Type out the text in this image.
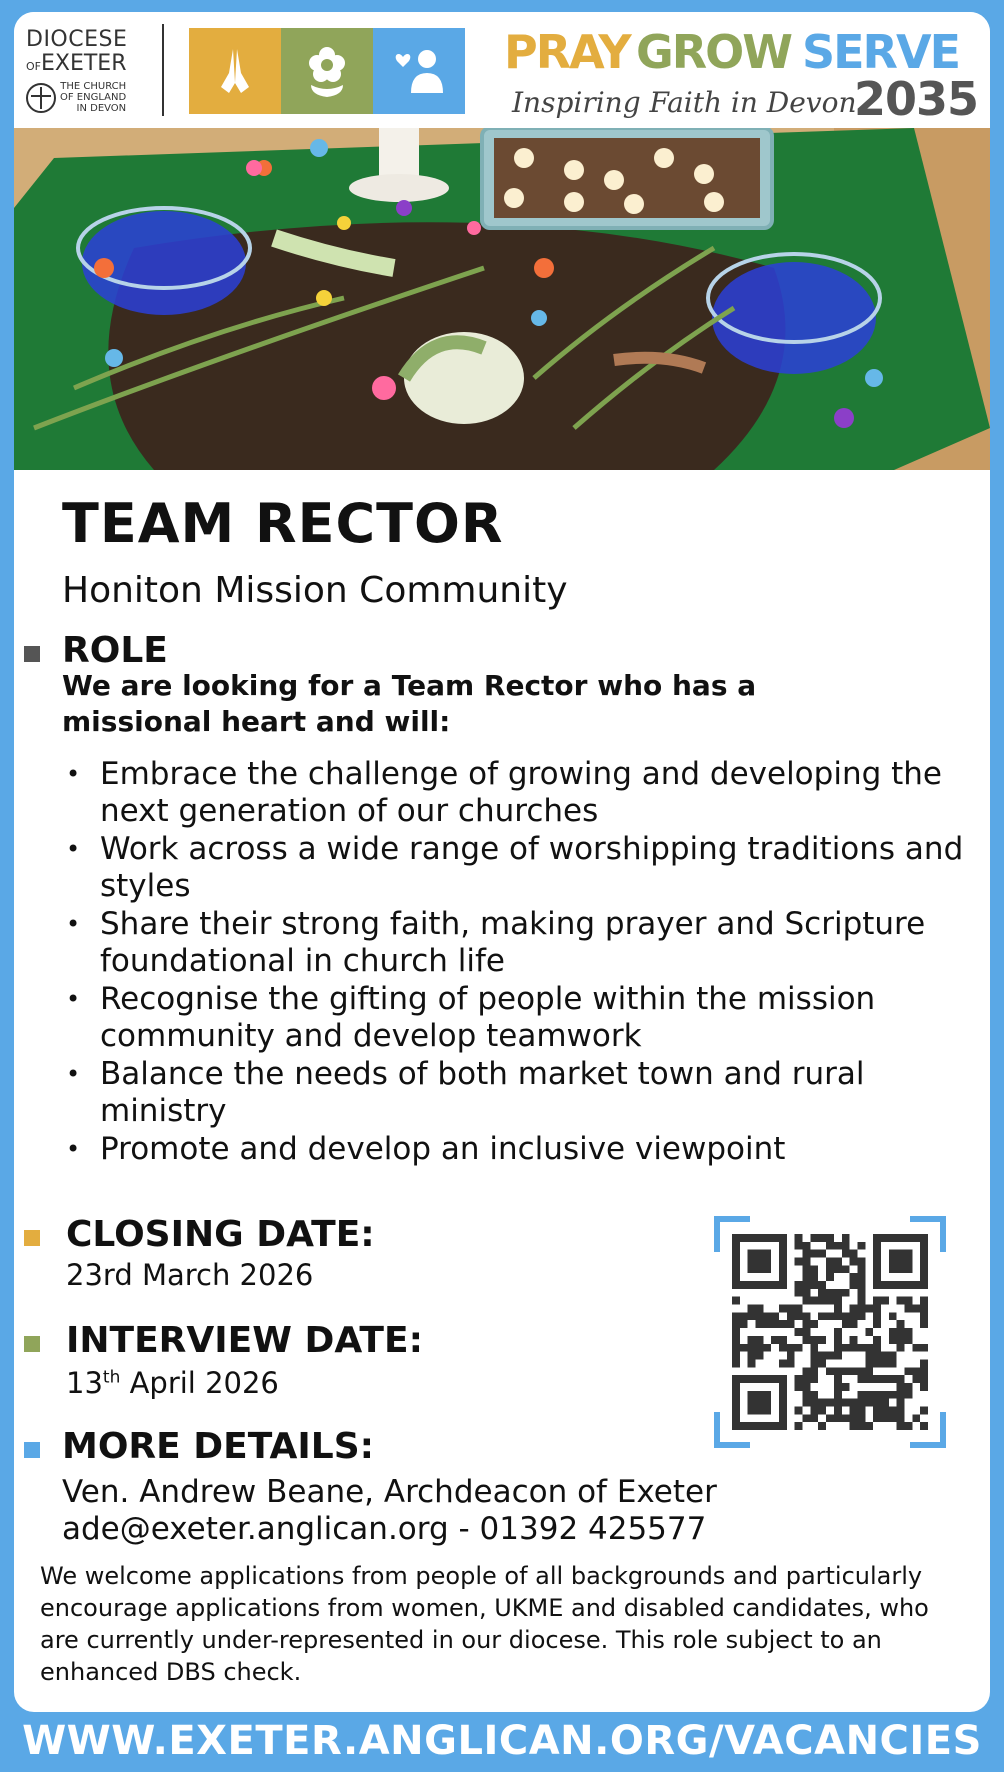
DIOCESE
OFEXETER
THE CHURCH
OF ENGLAND
IN DEVON
PRAY GROW SERVE
Inspiring Faith in Devon
2035
TEAM RECTOR
Honiton Mission Community
ROLE
We are looking for a Team Rector who has a missional heart and will:
• Embrace the challenge of growing and developing the next generation of our churches
• Work across a wide range of worshipping traditions and styles
• Share their strong faith, making prayer and Scripture foundational in church life
• Recognise the gifting of people within the mission community and develop teamwork
• Balance the needs of both market town and rural ministry
• Promote and develop an inclusive viewpoint
CLOSING DATE:
23rd March 2026
INTERVIEW DATE:
13th April 2026
MORE DETAILS:
Ven. Andrew Beane, Archdeacon of Exeter
ade@exeter.anglican.org - 01392 425577
We welcome applications from people of all backgrounds and particularly encourage applications from women, UKME and disabled candidates, who are currently under-represented in our diocese. This role subject to an enhanced DBS check.
WWW.EXETER.ANGLICAN.ORG/VACANCIES
